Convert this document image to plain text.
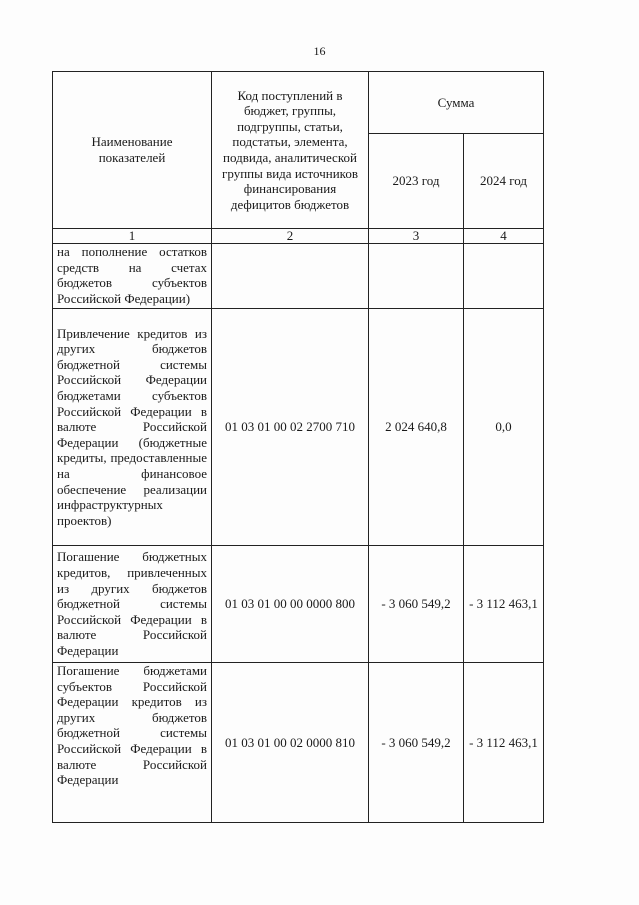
16
Наименование показателей	Код поступлений в бюджет, группы, подгруппы, статьи, подстатьи, элемента, подвида, аналитической группы вида источников финансирования дефицитов бюджетов	Сумма	
		2023 год	2024 год
1	2	3	4
на пополнение остатков средств на счетах бюджетов субъектов Российской Федерации)			
Привлечение кредитов из других бюджетов бюджетной системы Российской Федерации бюджетами субъектов Российской Федерации в валюте Российской Федерации (бюджетные кредиты, предоставленные на финансовое обеспечение реализации инфраструктурных проектов)	01 03 01 00 02 2700 710	2 024 640,8	0,0
Погашение бюджетных кредитов, привлеченных из других бюджетов бюджетной системы Российской Федерации в валюте Российской Федерации	01 03 01 00 00 0000 800	- 3 060 549,2	- 3 112 463,1
Погашение бюджетами субъектов Российской Федерации кредитов из других бюджетов бюджетной системы Российской Федерации в валюте Российской Федерации	01 03 01 00 02 0000 810	- 3 060 549,2	- 3 112 463,1
